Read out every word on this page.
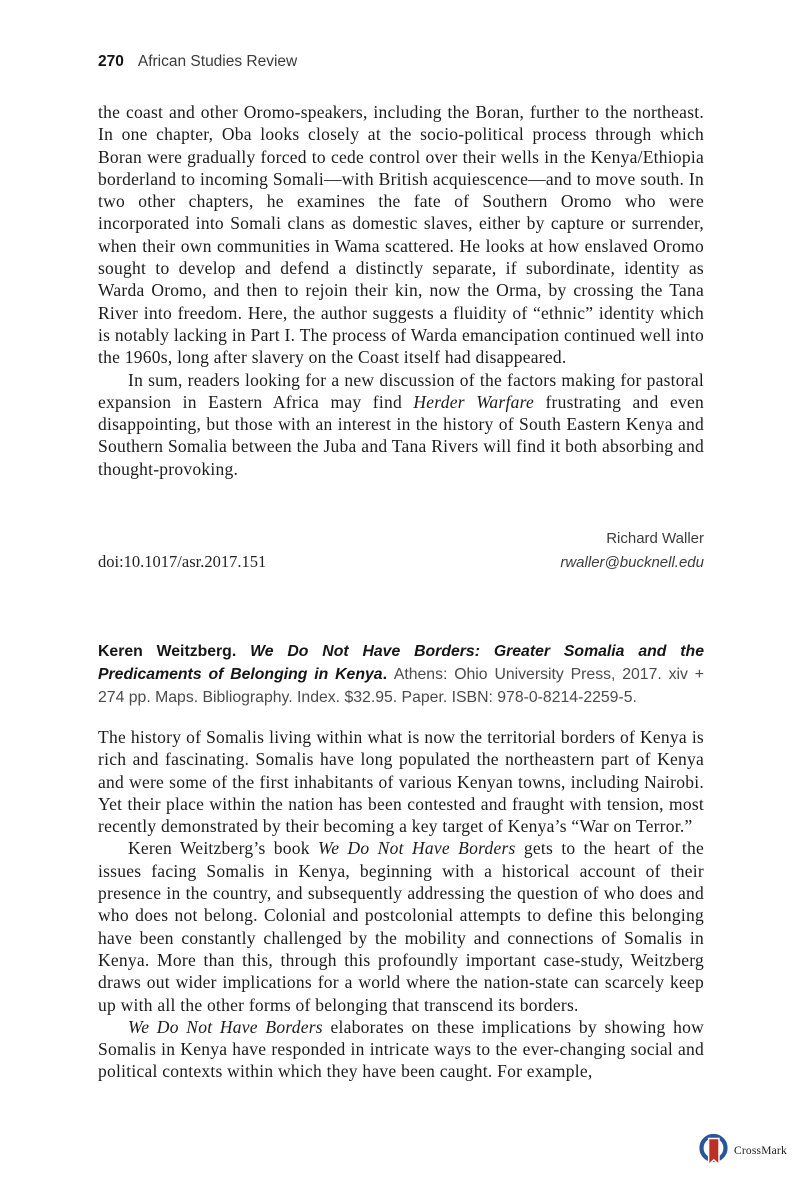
270 African Studies Review

the coast and other Oromo-speakers, including the Boran, further to the northeast. In one chapter, Oba looks closely at the socio-political process through which Boran were gradually forced to cede control over their wells in the Kenya/Ethiopia borderland to incoming Somali—with British acquiescence—and to move south. In two other chapters, he examines the fate of Southern Oromo who were incorporated into Somali clans as domestic slaves, either by capture or surrender, when their own communities in Wama scattered. He looks at how enslaved Oromo sought to develop and defend a distinctly separate, if subordinate, identity as Warda Oromo, and then to rejoin their kin, now the Orma, by crossing the Tana River into freedom. Here, the author suggests a fluidity of “ethnic” identity which is notably lacking in Part I. The process of Warda emancipation continued well into the 1960s, long after slavery on the Coast itself had disappeared.

In sum, readers looking for a new discussion of the factors making for pastoral expansion in Eastern Africa may find Herder Warfare frustrating and even disappointing, but those with an interest in the history of South Eastern Kenya and Southern Somalia between the Juba and Tana Rivers will find it both absorbing and thought-provoking.

Richard Waller
doi:10.1017/asr.2017.151	rwaller@bucknell.edu
Keren Weitzberg. We Do Not Have Borders: Greater Somalia and the Predicaments of Belonging in Kenya. Athens: Ohio University Press, 2017. xiv + 274 pp. Maps. Bibliography. Index. $32.95. Paper. ISBN: 978-0-8214-2259-5.

The history of Somalis living within what is now the territorial borders of Kenya is rich and fascinating. Somalis have long populated the northeastern part of Kenya and were some of the first inhabitants of various Kenyan towns, including Nairobi. Yet their place within the nation has been contested and fraught with tension, most recently demonstrated by their becoming a key target of Kenya’s “War on Terror.”

Keren Weitzberg’s book We Do Not Have Borders gets to the heart of the issues facing Somalis in Kenya, beginning with a historical account of their presence in the country, and subsequently addressing the question of who does and who does not belong. Colonial and postcolonial attempts to define this belonging have been constantly challenged by the mobility and connections of Somalis in Kenya. More than this, through this profoundly important case-study, Weitzberg draws out wider implications for a world where the nation-state can scarcely keep up with all the other forms of belonging that transcend its borders.

We Do Not Have Borders elaborates on these implications by showing how Somalis in Kenya have responded in intricate ways to the ever-changing social and political contexts within which they have been caught. For example,

CrossMark
